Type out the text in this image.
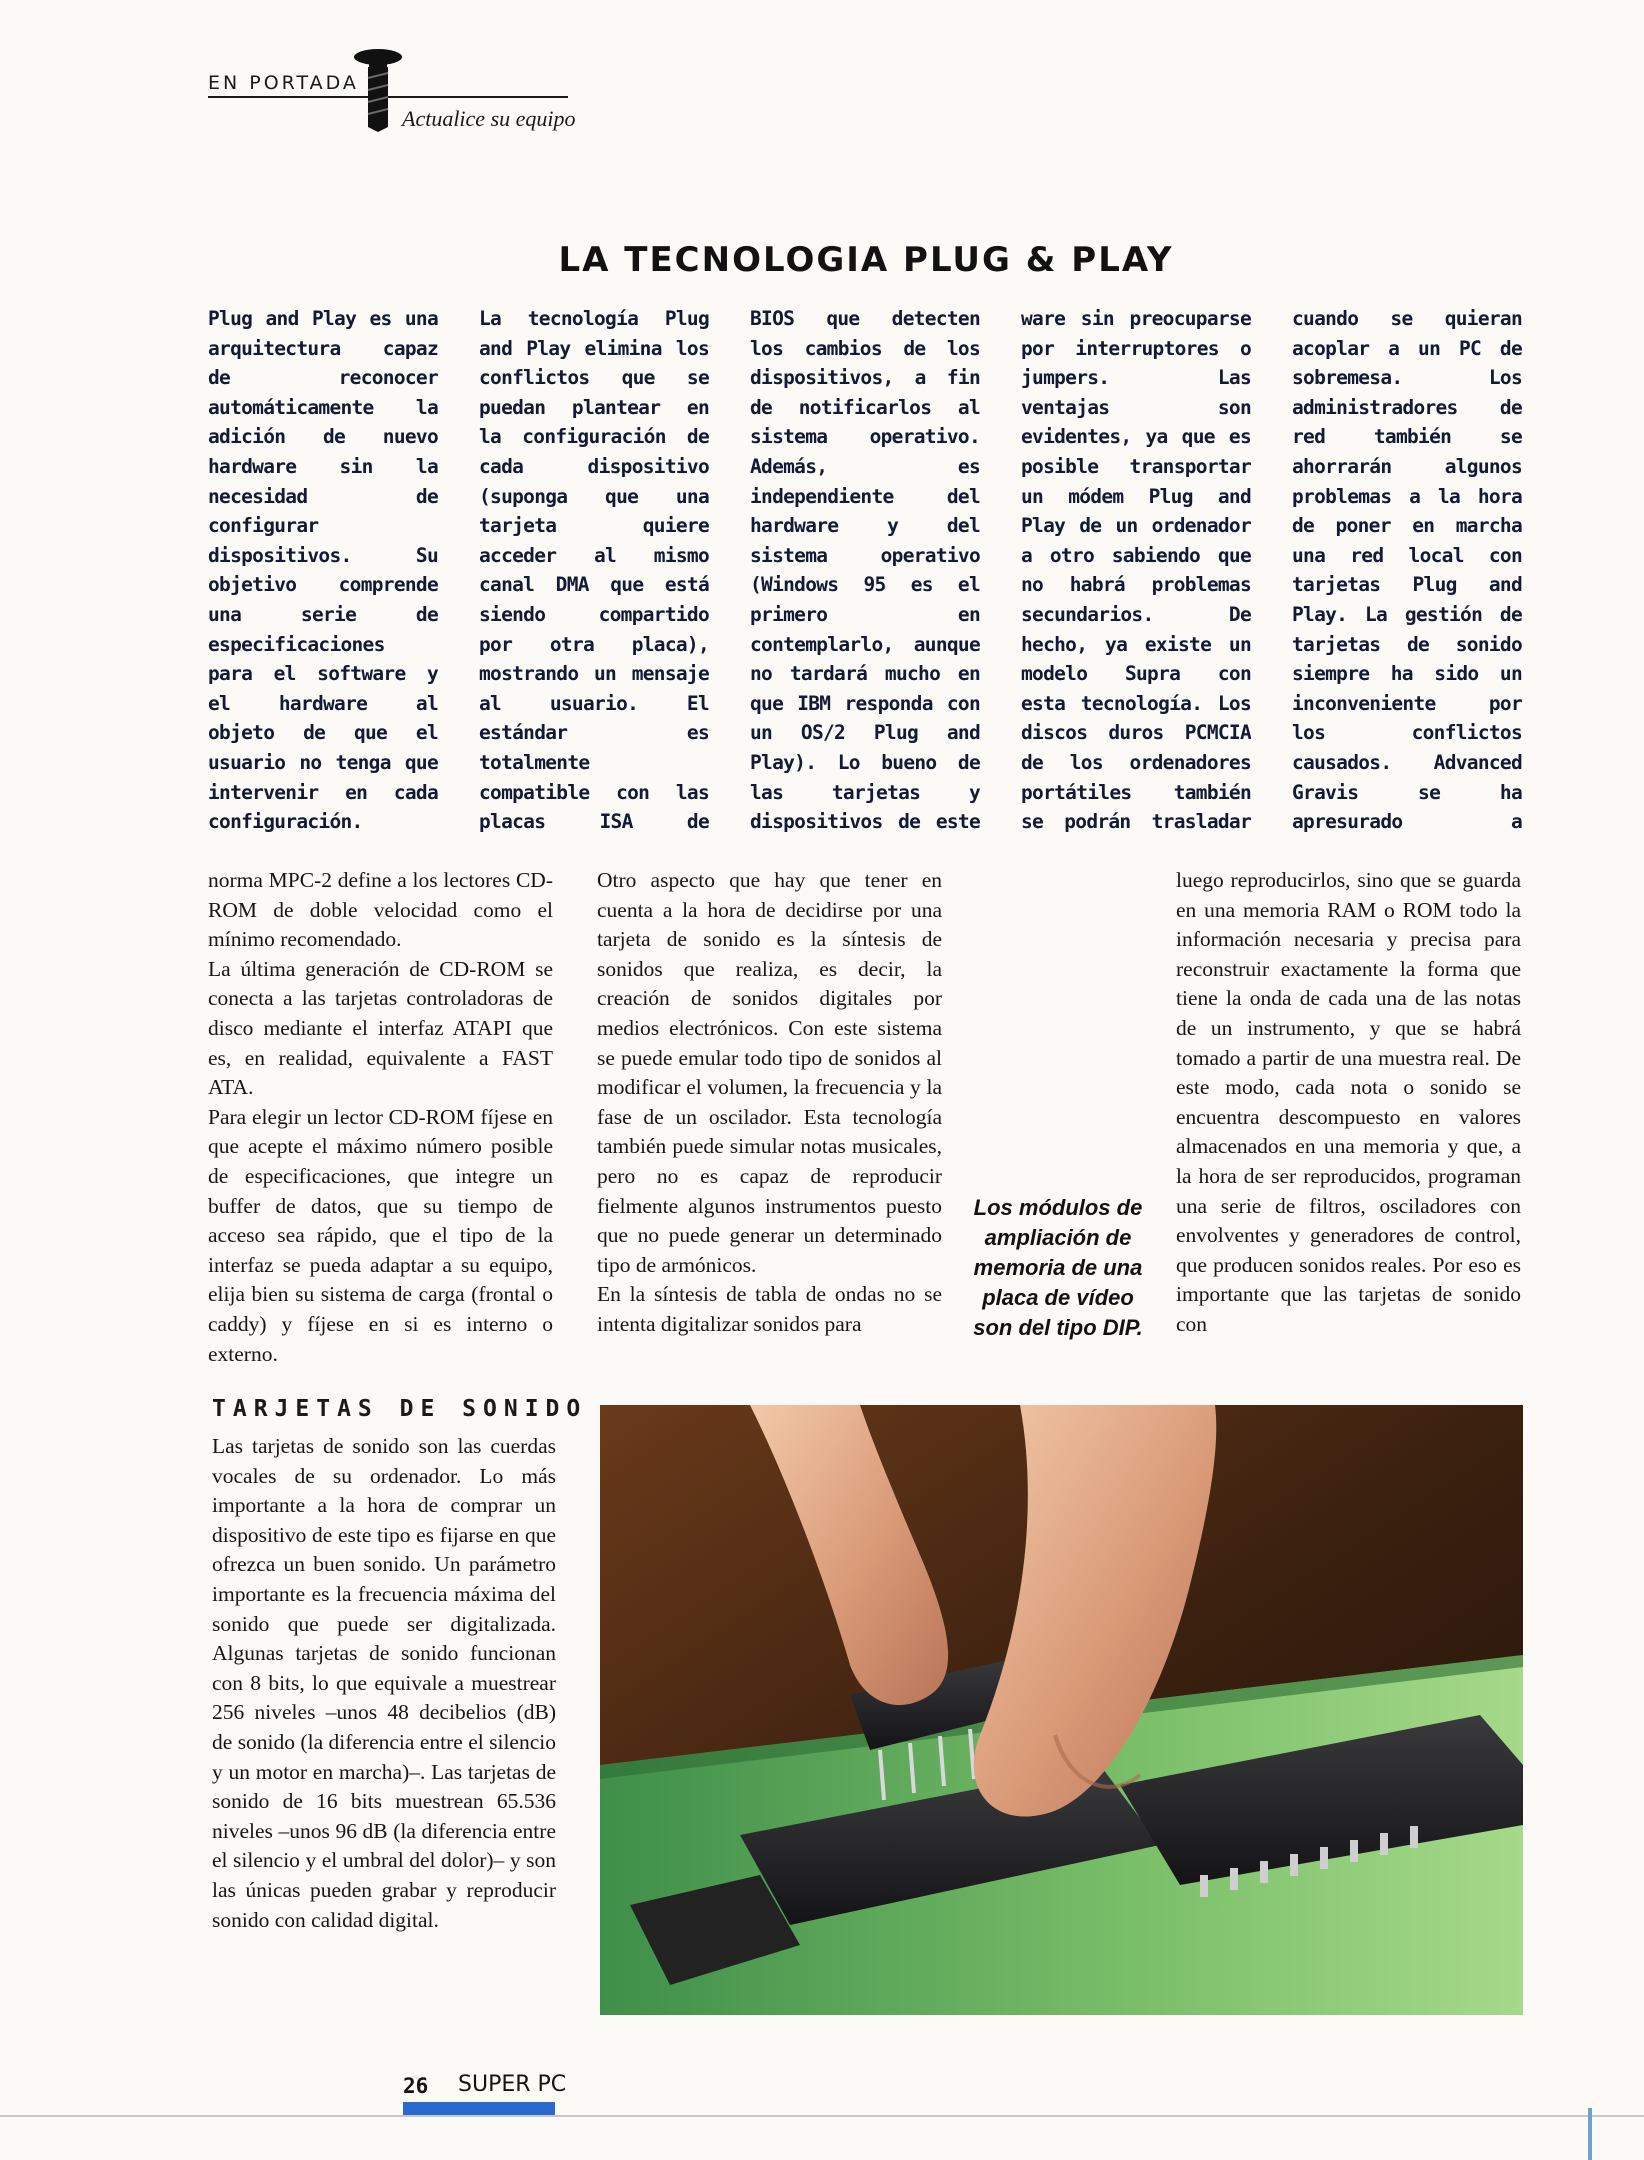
EN PORTADA
Actualice su equipo
LA TECNOLOGIA PLUG & PLAY
Plug and Play es una arquitectura capaz de reconocer automáticamente la adición de nuevo hardware sin la necesidad de configurar dispositivos. Su objetivo comprende una serie de especificaciones para el software y el hardware al objeto de que el usuario no tenga que intervenir en cada configuración.
La tecnología Plug and Play elimina los conflictos que se puedan plantear en la configuración de cada dispositivo (suponga que una tarjeta quiere acceder al mismo canal DMA que está siendo compartido por otra placa), mostrando un mensaje al usuario. El estándar es totalmente compatible con las placas ISA de
BIOS que detecten los cambios de los dispositivos, a fin de notificarlos al sistema operativo. Además, es independiente del hardware y del sistema operativo (Windows 95 es el primero en contemplarlo, aunque no tardará mucho en que IBM responda con un OS/2 Plug and Play). Lo bueno de las tarjetas y dispositivos de este
ware sin preocuparse por interruptores o jumpers. Las ventajas son evidentes, ya que es posible transportar un módem Plug and Play de un ordenador a otro sabiendo que no habrá problemas secundarios. De hecho, ya existe un modelo Supra con esta tecnología. Los discos duros PCMCIA de los ordenadores portátiles también se podrán trasladar
cuando se quieran acoplar a un PC de sobremesa. Los administradores de red también se ahorrarán algunos problemas a la hora de poner en marcha una red local con tarjetas Plug and Play. La gestión de tarjetas de sonido siempre ha sido un inconveniente por los conflictos causados. Advanced Gravis se ha apresurado a

norma MPC-2 define a los lectores CD-ROM de doble velocidad como el mínimo recomendado.

La última generación de CD-ROM se conecta a las tarjetas controladoras de disco mediante el interfaz ATAPI que es, en realidad, equivalente a FAST ATA.

Para elegir un lector CD-ROM fíjese en que acepte el máximo número posible de especificaciones, que integre un buffer de datos, que su tiempo de acceso sea rápido, que el tipo de la interfaz se pueda adaptar a su equipo, elija bien su sistema de carga (frontal o caddy) y fíjese en si es interno o externo.

Otro aspecto que hay que tener en cuenta a la hora de decidirse por una tarjeta de sonido es la síntesis de sonidos que realiza, es decir, la creación de sonidos digitales por medios electrónicos. Con este sistema se puede emular todo tipo de sonidos al modificar el volumen, la frecuencia y la fase de un oscilador. Esta tecnología también puede simular notas musicales, pero no es capaz de reproducir fielmente algunos instrumentos puesto que no puede generar un determinado tipo de armónicos.

En la síntesis de tabla de ondas no se intenta digitalizar sonidos para

Los módulos de ampliación de memoria de una placa de vídeo son del tipo DIP.

luego reproducirlos, sino que se guarda en una memoria RAM o ROM todo la información necesaria y precisa para reconstruir exactamente la forma que tiene la onda de cada una de las notas de un instrumento, y que se habrá tomado a partir de una muestra real. De este modo, cada nota o sonido se encuentra descompuesto en valores almacenados en una memoria y que, a la hora de ser reproducidos, programan una serie de filtros, osciladores con envolventes y generadores de control, que producen sonidos reales. Por eso es importante que las tarjetas de sonido con

TARJETAS DE SONIDO

Las tarjetas de sonido son las cuerdas vocales de su ordenador. Lo más importante a la hora de comprar un dispositivo de este tipo es fijarse en que ofrezca un buen sonido. Un parámetro importante es la frecuencia máxima del sonido que puede ser digitalizada. Algunas tarjetas de sonido funcionan con 8 bits, lo que equivale a muestrear 256 niveles –unos 48 decibelios (dB) de sonido (la diferencia entre el silencio y un motor en marcha)–. Las tarjetas de sonido de 16 bits muestrean 65.536 niveles –unos 96 dB (la diferencia entre el silencio y el umbral del dolor)– y son las únicas pueden grabar y reproducir sonido con calidad digital.

26 SUPER PC
